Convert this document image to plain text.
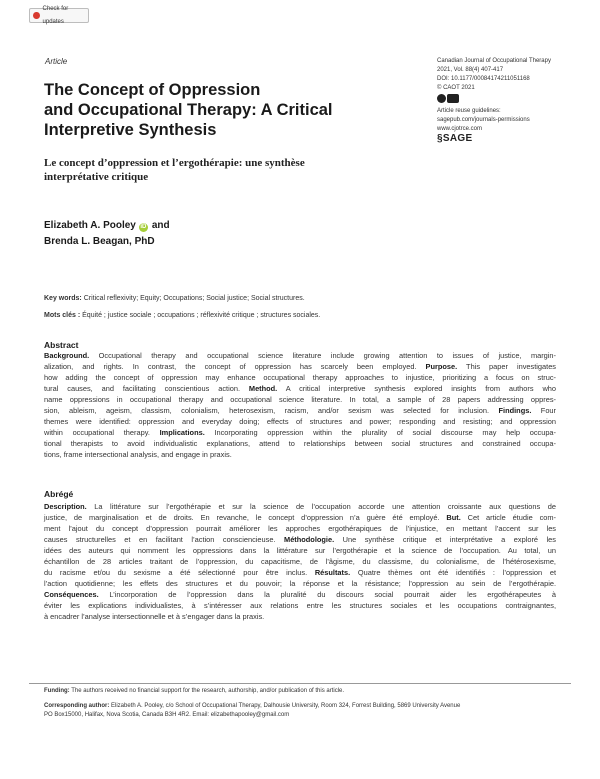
Check for updates
Article	Canadian Journal of Occupational Therapy
2021, Vol. 88(4) 407-417
DOI: 10.1177/00084174211051168
© CAOT 2021
Article reuse guidelines:
sagepub.com/journals-permissions
www.cjotrce.com
§SAGE
The Concept of Oppression
and Occupational Therapy: A Critical
Interpretive Synthesis
Le concept d’oppression et l’ergothérapie: une synthèse
interprétative critique
Elizabeth A. Pooley iD and
Brenda L. Beagan, PhD
Key words: Critical reflexivity; Equity; Occupations; Social justice; Social structures.
Mots clés : Équité ; justice sociale ; occupations ; réflexivité critique ; structures sociales.
Abstract
Background. Occupational therapy and occupational science literature include growing attention to issues of justice, margin-
alization, and rights. In contrast, the concept of oppression has scarcely been employed. Purpose. This paper investigates
how adding the concept of oppression may enhance occupational therapy approaches to injustice, prioritizing a focus on struc-
tural causes, and facilitating conscientious action. Method. A critical interpretive synthesis explored insights from authors who
name oppressions in occupational therapy and occupational science literature. In total, a sample of 28 papers addressing oppres-
sion, ableism, ageism, classism, colonialism, heterosexism, racism, and/or sexism was selected for inclusion. Findings. Four
themes were identified: oppression and everyday doing; effects of structures and power; responding and resisting; and oppression
within occupational therapy. Implications. Incorporating oppression within the plurality of social discourse may help occupa-
tional therapists to avoid individualistic explanations, attend to relationships between social structures and constrained occupa-
tions, frame intersectional analysis, and engage in praxis.
Abrégé
Description. La littérature sur l’ergothérapie et sur la science de l’occupation accorde une attention croissante aux questions de
justice, de marginalisation et de droits. En revanche, le concept d’oppression n’a guère été employé. But. Cet article étudie com-
ment l’ajout du concept d’oppression pourrait améliorer les approches ergothérapiques de l’injustice, en mettant l’accent sur les
causes structurelles et en facilitant l’action consciencieuse. Méthodologie. Une synthèse critique et interprétative a exploré les
idées des auteurs qui nomment les oppressions dans la littérature sur l’ergothérapie et la science de l’occupation. Au total, un
échantillon de 28 articles traitant de l’oppression, du capacitisme, de l’âgisme, du classisme, du colonialisme, de l’hétérosexisme,
du racisme et/ou du sexisme a été sélectionné pour être inclus. Résultats. Quatre thèmes ont été identifiés : l’oppression et
l’action quotidienne; les effets des structures et du pouvoir; la réponse et la résistance; l’oppression au sein de l’ergothérapie.
Conséquences. L’incorporation de l’oppression dans la pluralité du discours social pourrait aider les ergothérapeutes à
éviter les explications individualistes, à s’intéresser aux relations entre les structures sociales et les occupations contraignantes,
à encadrer l’analyse intersectionnelle et à s’engager dans la praxis.
Funding: The authors received no financial support for the research, authorship, and/or publication of this article.
Corresponding author: Elizabeth A. Pooley, c/o School of Occupational Therapy, Dalhousie University, Room 324, Forrest Building, 5869 University Avenue
PO Box15000, Halifax, Nova Scotia, Canada B3H 4R2. Email: elizabethapooley@gmail.com
